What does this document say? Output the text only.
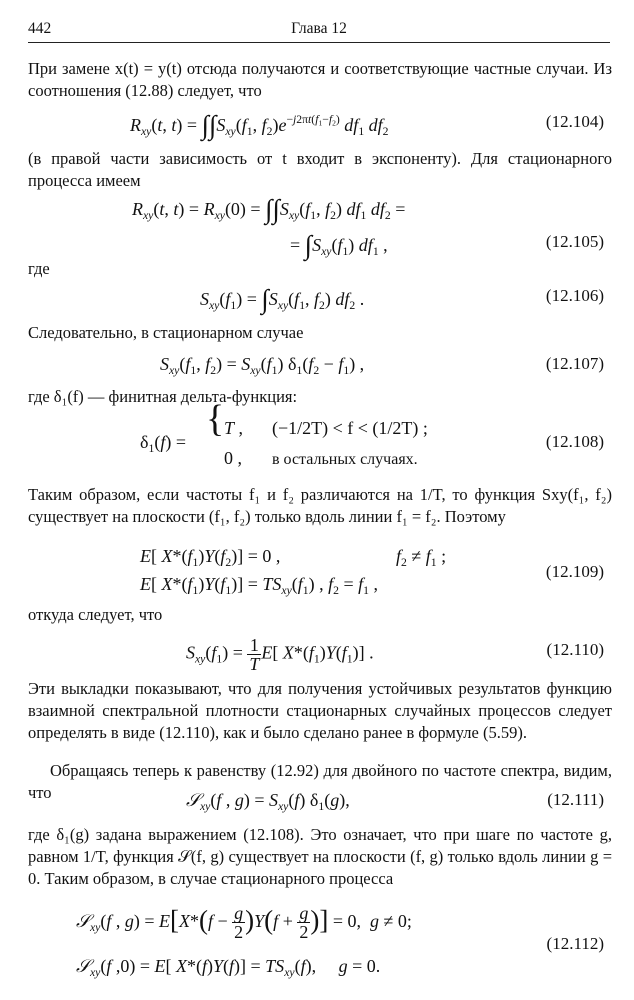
442	Глава 12
При замене x(t) = y(t) отсюда получаются и соответствующие частные случаи. Из соотношения (12.88) следует, что
$R_{xy}(t$, $t) = \int\int S_{xy}(f_1$, $f_2)e^{-j2\pi t(f_1-f_2)}$ $df_1$ $df_2$
(12.104)
(в правой части зависимость от t входит в экспоненту). Для стационарного процесса имеем
$R_{xy}(t$, $t) = R_{xy}(0) = \int\int S_{xy}(f_1$, $f_2$) $df_1$ $df_2$ =
= $\int S_{xy}(f_1)$ $df_1$ ,	(12.105)
где
$S_{xy}(f_1) = \int S_{xy}(f_1$, $f_2$) $df_2$ .	(12.106)
Следовательно, в стационарном случае
$S_{xy}(f_1$, $f_2) = S_{xy}(f_1)$ $\delta_1(f_2 - f_1)$ ,	(12.107)
где δ₁(f) — финитная дельта-функция:
$\delta_1(f)$ =
{ T , (−1/2T) < f < (1/2T) ;
0 , в остальных случаях.
(12.108)
Таким образом, если частоты f₁ и f₂ различаются на 1/T, то функция Sxy(f₁, f₂) существует на плоскости (f₁, f₂) только вдоль линии f₁ = f₂. Поэтому
E[ $X*(f_1)Y(f_2)] = 0$ ,	$f_2 \ne f_1$ ;
E[ $X*(f_1)Y(f_1)] = TS_{xy}(f_1)$ , $f_2 = f_1$ ,
(12.109)
откуда следует, что
$S_{xy}(f_1) = \frac{1}{T} E$[ $X*(f_1)Y(f_1)$] .	(12.110)
Эти выкладки показывают, что для получения устойчивых результатов функцию взаимной спектральной плотности стационарных случайных процессов следует определять в виде (12.110), как и было сделано ранее в формуле (5.59).
Обращаясь теперь к равенству (12.92) для двойного по частоте спектра, видим, что	𝒮$_{xy}$(f , $g) = S_{xy}(f)$ $\delta_1(g)$,	(12.111)
где δ₁(g) задана выражением (12.108). Это означает, что при шаге по частоте g, равном 1/T, функция 𝒮(f, g) существует на плоскости (f, g) только вдоль линии g = 0. Таким образом, в случае стационарного процесса
𝒮$_{xy}$(f , $g) = E[X*(f - \frac{g}{2} )Y(f + \frac{g}{2}$ )] = 0,  g ≠ 0;
𝒮$_{xy}$(f ,0) = E[ $X*(f)Y(f)] = TS_{xy}(f)$,     g = 0.
(12.112)
